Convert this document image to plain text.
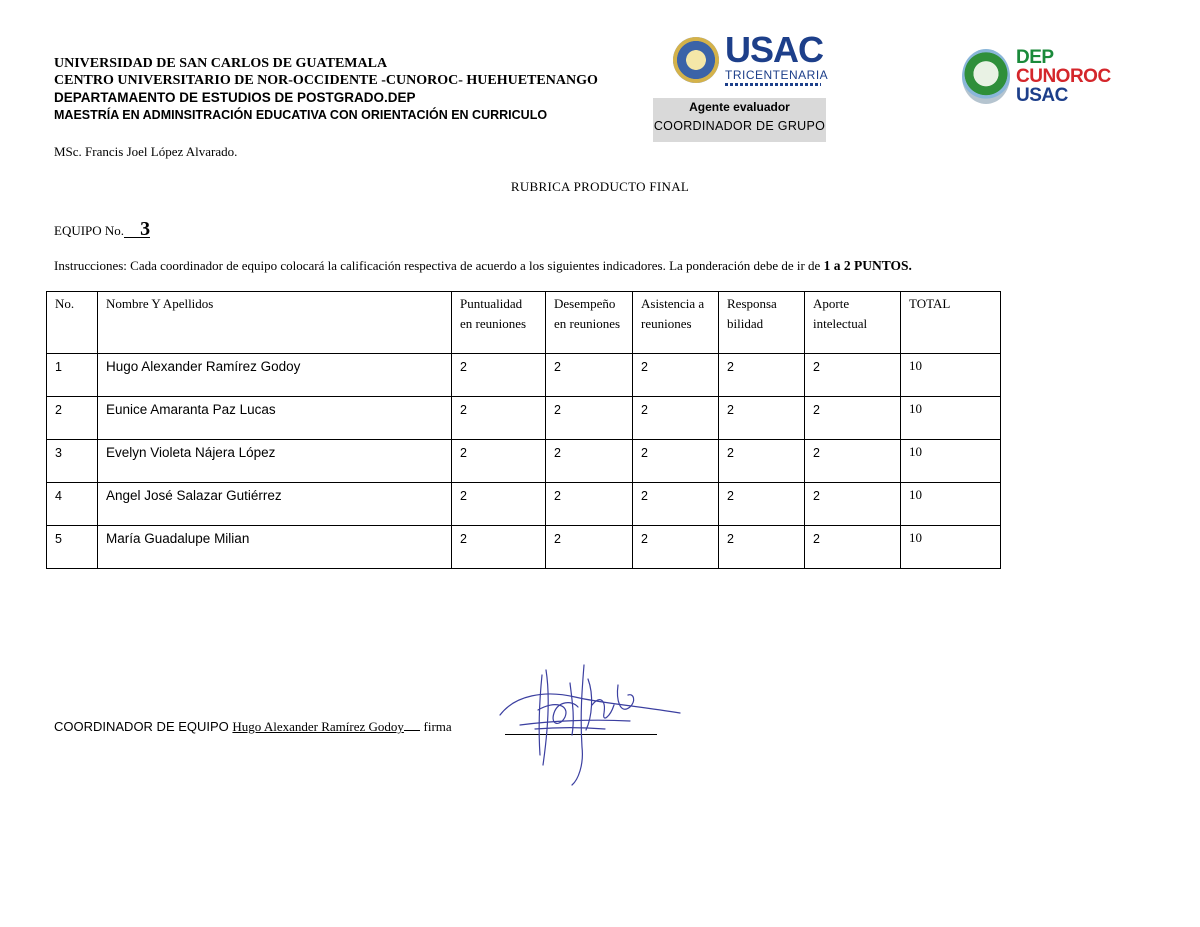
UNIVERSIDAD DE SAN CARLOS DE GUATEMALA
CENTRO UNIVERSITARIO DE NOR-OCCIDENTE -CUNOROC- HUEHUETENANGO
DEPARTAMAENTO DE ESTUDIOS DE POSTGRADO.DEP
MAESTRÍA EN ADMINSITRACIÓN EDUCATIVA CON ORIENTACIÓN EN CURRICULO
USAC
TRICENTENARIA
Agente evaluador
COORDINADOR DE GRUPO
DEP
CUNOROC
USAC
MSc. Francis Joel López Alvarado.
RUBRICA PRODUCTO FINAL
EQUIPO No. 3
Instrucciones: Cada coordinador de equipo colocará la calificación respectiva de acuerdo a los siguientes indicadores. La ponderación debe de ir de 1 a 2 PUNTOS.
No.	Nombre Y Apellidos	Puntualidad en reuniones	Desempeño en reuniones	Asistencia a reuniones	Responsa bilidad	Aporte intelectual	TOTAL
1	Hugo Alexander Ramírez Godoy	2	2	2	2	2	10
2	Eunice Amaranta Paz Lucas	2	2	2	2	2	10
3	Evelyn Violeta Nájera López	2	2	2	2	2	10
4	Angel José Salazar Gutiérrez	2	2	2	2	2	10
5	María Guadalupe Milian	2	2	2	2	2	10
COORDINADOR DE EQUIPO Hugo Alexander Ramírez Godoy firma
